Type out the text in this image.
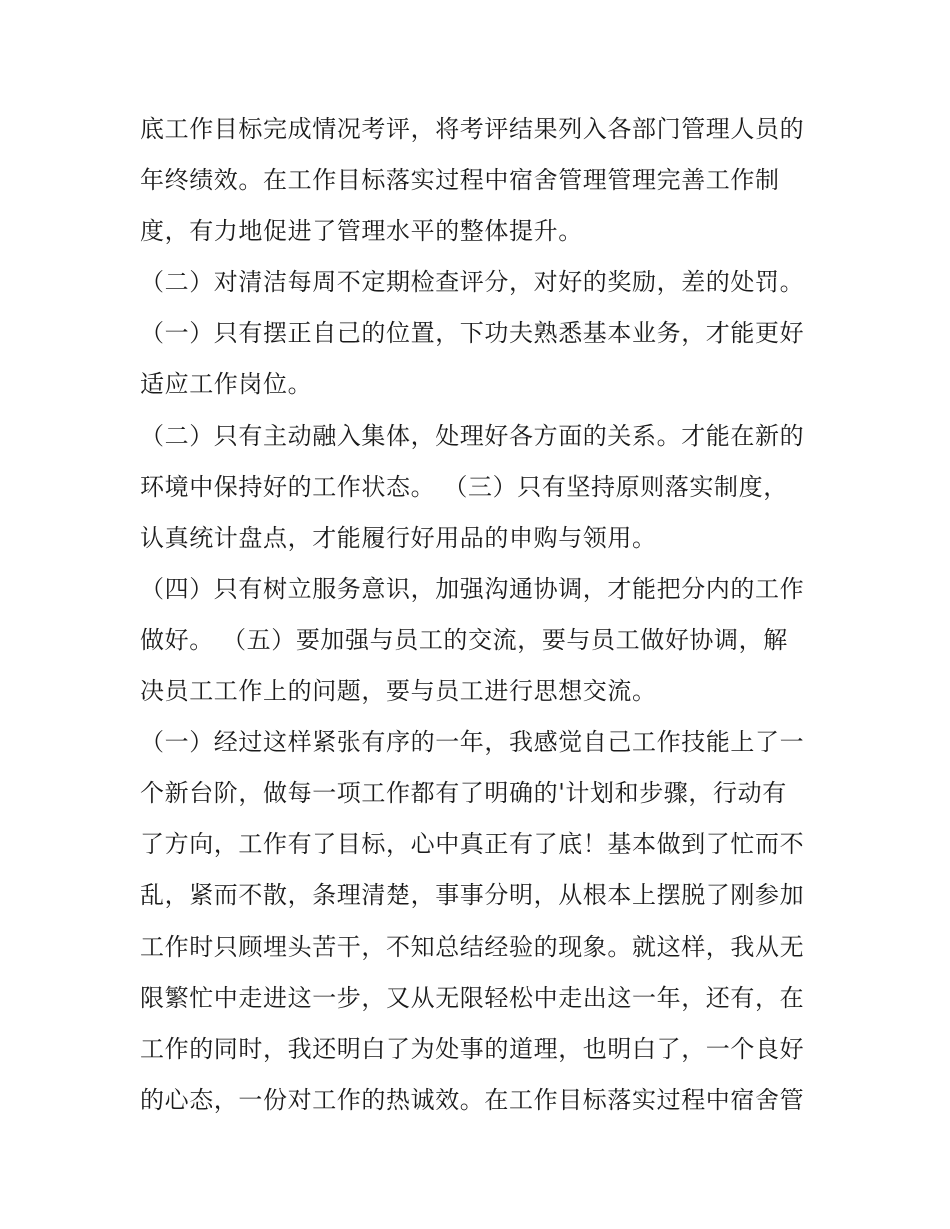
底工作目标完成情况考评，将考评结果列入各部门管理人员的
年终绩效。在工作目标落实过程中宿舍管理管理完善工作制
度，有力地促进了管理水平的整体提升。
（二）对清洁每周不定期检查评分，对好的奖励，差的处罚。
（一）只有摆正自己的位置，下功夫熟悉基本业务，才能更好
适应工作岗位。
（二）只有主动融入集体，处理好各方面的关系。才能在新的
环境中保持好的工作状态。 （三）只有坚持原则落实制度，
认真统计盘点，才能履行好用品的申购与领用。
（四）只有树立服务意识，加强沟通协调，才能把分内的工作
做好。 （五）要加强与员工的交流，要与员工做好协调，解
决员工工作上的问题，要与员工进行思想交流。
（一）经过这样紧张有序的一年，我感觉自己工作技能上了一
个新台阶，做每一项工作都有了明确的'计划和步骤，行动有
了方向，工作有了目标，心中真正有了底！基本做到了忙而不
乱，紧而不散，条理清楚，事事分明，从根本上摆脱了刚参加
工作时只顾埋头苦干，不知总结经验的现象。就这样，我从无
限繁忙中走进这一步，又从无限轻松中走出这一年，还有，在
工作的同时，我还明白了为处事的道理，也明白了，一个良好
的心态，一份对工作的热诚效。在工作目标落实过程中宿舍管
